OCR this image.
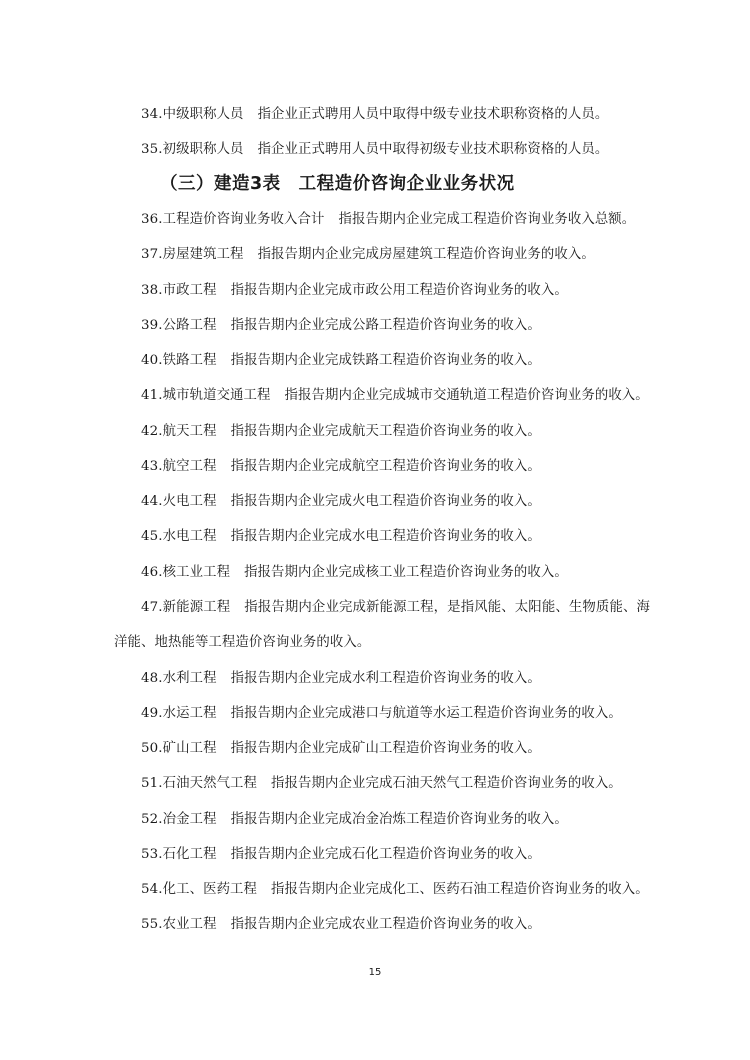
34.中级职称人员 指企业正式聘用人员中取得中级专业技术职称资格的人员。
35.初级职称人员 指企业正式聘用人员中取得初级专业技术职称资格的人员。
（三）建造3表　工程造价咨询企业业务状况
36.工程造价咨询业务收入合计 指报告期内企业完成工程造价咨询业务收入总额。
37.房屋建筑工程 指报告期内企业完成房屋建筑工程造价咨询业务的收入。
38.市政工程 指报告期内企业完成市政公用工程造价咨询业务的收入。
39.公路工程 指报告期内企业完成公路工程造价咨询业务的收入。
40.铁路工程 指报告期内企业完成铁路工程造价咨询业务的收入。
41.城市轨道交通工程 指报告期内企业完成城市交通轨道工程造价咨询业务的收入。
42.航天工程 指报告期内企业完成航天工程造价咨询业务的收入。
43.航空工程 指报告期内企业完成航空工程造价咨询业务的收入。
44.火电工程 指报告期内企业完成火电工程造价咨询业务的收入。
45.水电工程 指报告期内企业完成水电工程造价咨询业务的收入。
46.核工业工程 指报告期内企业完成核工业工程造价咨询业务的收入。
47.新能源工程 指报告期内企业完成新能源工程，是指风能、太阳能、生物质能、海
洋能、地热能等工程造价咨询业务的收入。
48.水利工程 指报告期内企业完成水利工程造价咨询业务的收入。
49.水运工程 指报告期内企业完成港口与航道等水运工程造价咨询业务的收入。
50.矿山工程 指报告期内企业完成矿山工程造价咨询业务的收入。
51.石油天然气工程 指报告期内企业完成石油天然气工程造价咨询业务的收入。
52.冶金工程 指报告期内企业完成冶金冶炼工程造价咨询业务的收入。
53.石化工程 指报告期内企业完成石化工程造价咨询业务的收入。
54.化工、医药工程 指报告期内企业完成化工、医药石油工程造价咨询业务的收入。
55.农业工程 指报告期内企业完成农业工程造价咨询业务的收入。
15
